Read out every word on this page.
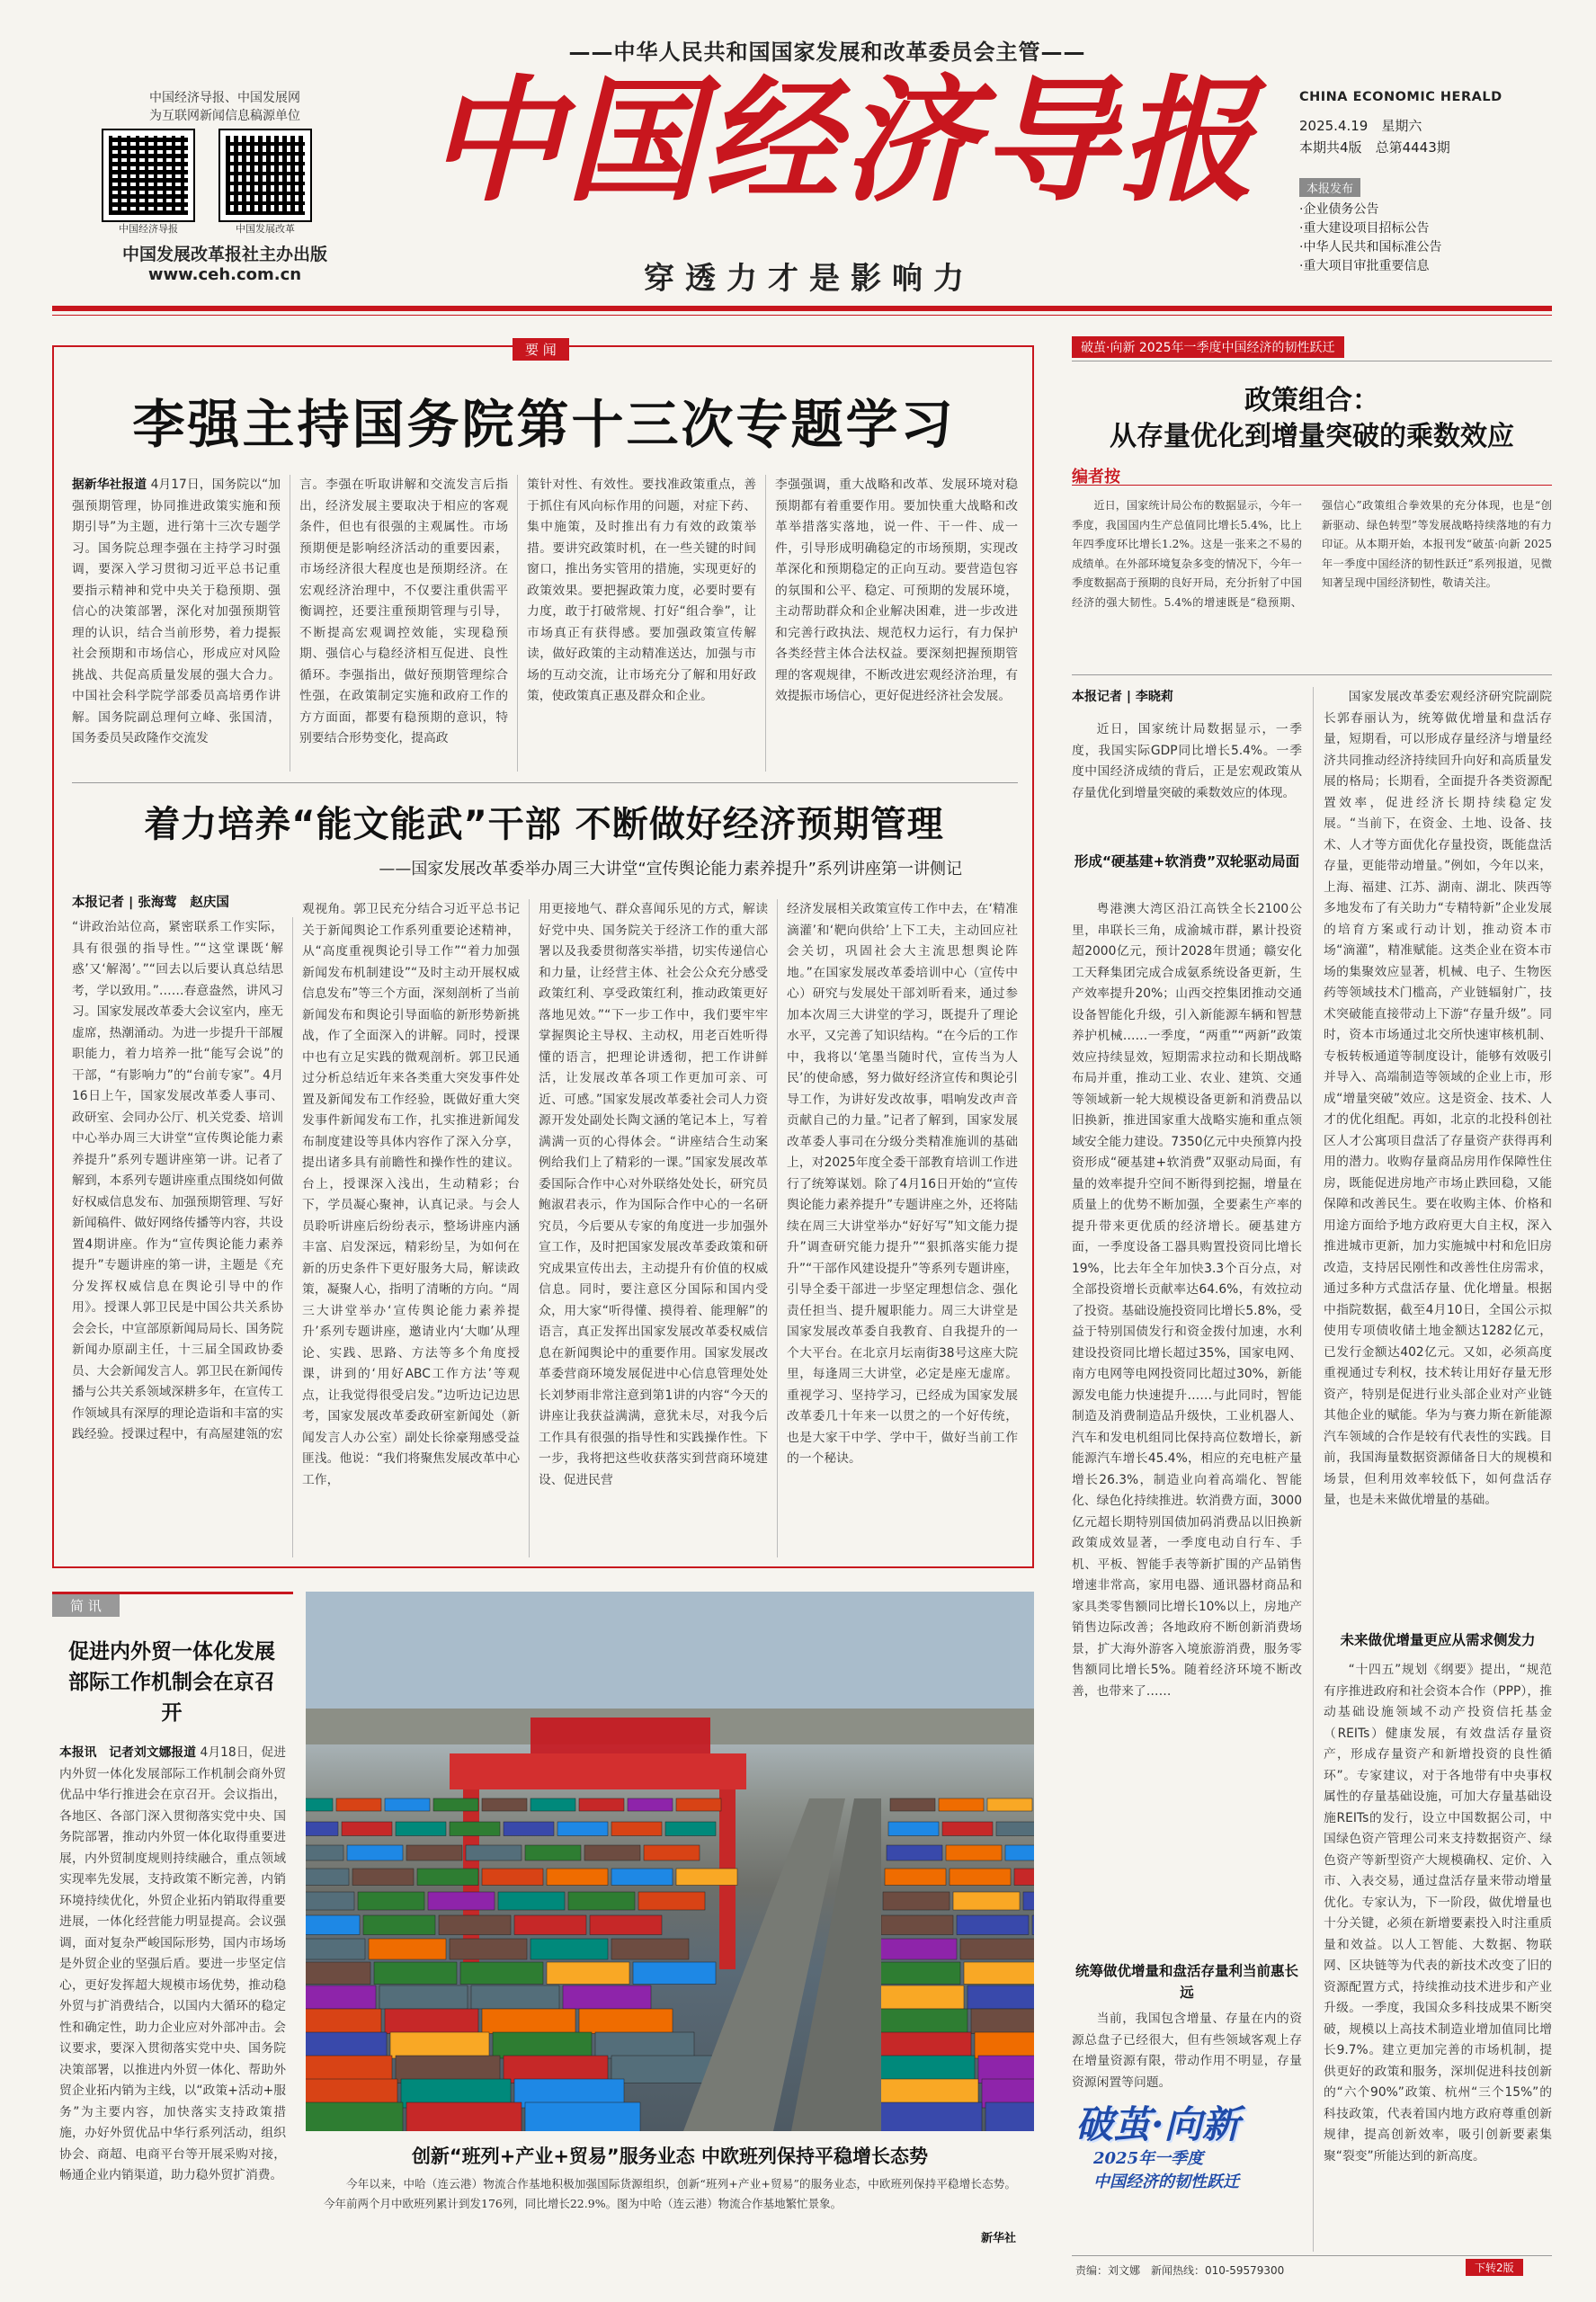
——中华人民共和国国家发展和改革委员会主管——
中国经济导报、中国发展网
为互联网新闻信息稿源单位
中国经济导报	中国发展改革
中国发展改革报社主办出版
www.ceh.com.cn
中国经济导报
穿透力才是影响力

CHINA ECONOMIC HERALD

2025.4.19　 星期六

本期共4版　 总第4443期

本报发布
·企业债务公告
·重大建设项目招标公告
·中华人民共和国标准公告
·重大项目审批重要信息
要 闻
李强主持国务院第十三次专题学习
据新华社报道 4月17日，国务院以“加强预期管理，协同推进政策实施和预期引导”为主题，进行第十三次专题学习。国务院总理李强在主持学习时强调，要深入学习贯彻习近平总书记重要指示精神和党中央关于稳预期、强信心的决策部署，深化对加强预期管理的认识，结合当前形势，着力提振社会预期和市场信心，形成应对风险挑战、共促高质量发展的强大合力。中国社会科学院学部委员高培勇作讲解。国务院副总理何立峰、张国清，国务委员吴政隆作交流发
言。李强在听取讲解和交流发言后指出，经济发展主要取决于相应的客观条件，但也有很强的主观属性。市场预期便是影响经济活动的重要因素，市场经济很大程度也是预期经济。在宏观经济治理中，不仅要注重供需平衡调控，还要注重预期管理与引导，不断提高宏观调控效能，实现稳预期、强信心与稳经济相互促进、良性循环。李强指出，做好预期管理综合性强，在政策制定实施和政府工作的方方面面，都要有稳预期的意识，特别要结合形势变化，提高政
策针对性、有效性。要找准政策重点，善于抓住有风向标作用的问题，对症下药、集中施策，及时推出有力有效的政策举措。要讲究政策时机，在一些关键的时间窗口，推出务实管用的措施，实现更好的政策效果。要把握政策力度，必要时要有力度，敢于打破常规、打好“组合拳”，让市场真正有获得感。要加强政策宣传解读，做好政策的主动精准送达，加强与市场的互动交流，让市场充分了解和用好政策，使政策真正惠及群众和企业。
李强强调，重大战略和改革、发展环境对稳预期都有着重要作用。要加快重大战略和改革举措落实落地，说一件、干一件、成一件，引导形成明确稳定的市场预期，实现改革深化和预期稳定的正向互动。要营造包容的氛围和公平、稳定、可预期的发展环境，主动帮助群众和企业解决困难，进一步改进和完善行政执法、规范权力运行，有力保护各类经营主体合法权益。要深刻把握预期管理的客观规律，不断改进宏观经济治理，有效提振市场信心，更好促进经济社会发展。
着力培养“能文能武”干部 不断做好经济预期管理
——国家发展改革委举办周三大讲堂“宣传舆论能力素养提升”系列讲座第一讲侧记
本报记者 | 张海莺　赵庆国
“讲政治站位高，紧密联系工作实际，具有很强的指导性。”“这堂课既‘解惑’又‘解渴’。”“回去以后要认真总结思考，学以致用。”……春意盎然，讲风习习。国家发展改革委大会议室内，座无虚席，热潮涌动。为进一步提升干部履职能力，着力培养一批“能写会说”的干部，“有影响力”的“台前专家”。4月16日上午，国家发展改革委人事司、政研室、会同办公厅、机关党委、培训中心举办周三大讲堂“宣传舆论能力素养提升”系列专题讲座第一讲。记者了解到，本系列专题讲座重点围绕如何做好权威信息发布、加强预期管理、写好新闻稿件、做好网络传播等内容，共设置4期讲座。作为“宣传舆论能力素养提升”专题讲座的第一讲，主题是《充分发挥权威信息在舆论引导中的作用》。授课人郭卫民是中国公共关系协会会长，中宣部原新闻局局长、国务院新闻办原副主任，十三届全国政协委员、大会新闻发言人。郭卫民在新闻传播与公共关系领域深耕多年，在宣传工作领域具有深厚的理论造诣和丰富的实践经验。授课过程中，有高屋建瓴的宏
观视角。郭卫民充分结合习近平总书记关于新闻舆论工作系列重要论述精神，从“高度重视舆论引导工作”“着力加强新闻发布机制建设”“及时主动开展权威信息发布”等三个方面，深刻剖析了当前新闻发布和舆论引导面临的新形势新挑战，作了全面深入的讲解。同时，授课中也有立足实践的微观剖析。郭卫民通过分析总结近年来各类重大突发事件处置及新闻发布工作经验，既做好重大突发事件新闻发布工作，扎实推进新闻发布制度建设等具体内容作了深入分享，提出诸多具有前瞻性和操作性的建议。台上，授课深入浅出，生动精彩；台下，学员凝心聚神，认真记录。与会人员聆听讲座后纷纷表示，整场讲座内涵丰富、启发深远，精彩纷呈，为如何在新的历史条件下更好服务大局，解读政策，凝聚人心，指明了清晰的方向。“周三大讲堂举办‘宣传舆论能力素养提升’系列专题讲座，邀请业内‘大咖’从理论、实践、思路、方法等多个角度授课，讲到的‘用好ABC工作方法’等观点，让我觉得很受启发。”边听边记边思考，国家发展改革委政研室新闻处（新闻发言人办公室）副处长徐豪翔感受益匪浅。他说：“我们将聚焦发展改革中心工作，
用更接地气、群众喜闻乐见的方式，解读好党中央、国务院关于经济工作的重大部署以及我委贯彻落实举措，切实传递信心和力量，让经营主体、社会公众充分感受政策红利、享受政策红利，推动政策更好落地见效。”“下一步工作中，我们要牢牢掌握舆论主导权、主动权，用老百姓听得懂的语言，把理论讲透彻，把工作讲鲜活，让发展改革各项工作更加可亲、可近、可感。”国家发展改革委社会司人力资源开发处副处长陶文涵的笔记本上，写着满满一页的心得体会。“讲座结合生动案例给我们上了精彩的一课。”国家发展改革委国际合作中心对外联络处处长，研究员鲍淑君表示，作为国际合作中心的一名研究员，今后要从专家的角度进一步加强外宣工作，及时把国家发展改革委政策和研究成果宣传出去，主动提升有价值的权威信息。同时，要注意区分国际和国内受众，用大家“听得懂、摸得着、能理解”的语言，真正发挥出国家发展改革委权威信息在新闻舆论中的重要作用。国家发展改革委营商环境发展促进中心信息管理处处长刘梦雨非常注意到第1讲的内容“今天的讲座让我获益满满，意犹未尽，对我今后工作具有很强的指导性和实践操作性。下一步，我将把这些收获落实到营商环境建设、促进民营
经济发展相关政策宣传工作中去，在‘精准滴灌’和‘靶向供给’上下工夫，主动回应社会关切，巩固社会大主流思想舆论阵地。”在国家发展改革委培训中心（宣传中心）研究与发展处干部刘昕看来，通过参加本次周三大讲堂的学习，既提升了理论水平，又完善了知识结构。“在今后的工作中，我将以‘笔墨当随时代，宣传当为人民’的使命感，努力做好经济宣传和舆论引导工作，为讲好发改故事，唱响发改声音贡献自己的力量。”记者了解到，国家发展改革委人事司在分级分类精准施训的基础上，对2025年度全委干部教育培训工作进行了统筹谋划。除了4月16日开始的“宣传舆论能力素养提升”专题讲座之外，还将陆续在周三大讲堂举办“好好写”知文能力提升”调查研究能力提升”“狠抓落实能力提升”“干部作风建设提升”等系列专题讲座，引导全委干部进一步坚定理想信念、强化责任担当、提升履职能力。周三大讲堂是国家发展改革委自我教育、自我提升的一个大平台。在北京月坛南街38号这座大院里，每逢周三大讲堂，必定是座无虚席。重视学习、坚持学习，已经成为国家发展改革委几十年来一以贯之的一个好传统，也是大家干中学、学中干，做好当前工作的一个秘诀。
简 讯
促进内外贸一体化发展部际工作机制会在京召开
本报讯　记者刘文娜报道 4月18日，促进内外贸一体化发展部际工作机制会商外贸优品中华行推进会在京召开。会议指出，各地区、各部门深入贯彻落实党中央、国务院部署，推动内外贸一体化取得重要进展，内外贸制度规则持续融合，重点领域实现率先发展，支持政策不断完善，内销环境持续优化，外贸企业拓内销取得重要进展，一体化经营能力明显提高。会议强调，面对复杂严峻国际形势，国内市场场是外贸企业的坚强后盾。要进一步坚定信心，更好发挥超大规模市场优势，推动稳外贸与扩消费结合，以国内大循环的稳定性和确定性，助力企业应对外部冲击。会议要求，要深入贯彻落实党中央、国务院决策部署，以推进内外贸一体化、帮助外贸企业拓内销为主线，以“政策+活动+服务”为主要内容，加快落实支持政策措施，办好外贸优品中华行系列活动，组织协会、商超、电商平台等开展采购对接，畅通企业内销渠道，助力稳外贸扩消费。
创新“班列+产业+贸易”服务业态 中欧班列保持平稳增长态势
今年以来，中哈（连云港）物流合作基地积极加强国际货源组织，创新“班列+产业+贸易”的服务业态，中欧班列保持平稳增长态势。今年前两个月中欧班列累计到发176列，同比增长22.9%。图为中哈（连云港）物流合作基地繁忙景象。
新华社
破茧·向新 2025年一季度中国经济的韧性跃迁
政策组合：
从存量优化到增量突破的乘数效应
编者按
近日，国家统计局公布的数据显示，今年一季度，我国国内生产总值同比增长5.4%，比上年四季度环比增长1.2%。这是一张来之不易的成绩单。在外部环境复杂多变的情况下，今年一季度数据高于预期的良好开局，充分折射了中国经济的强大韧性。5.4%的增速既是“稳预期、强信心”政策组合拳效果的充分体现，也是“创新驱动、绿色转型”等发展战略持续落地的有力印证。从本期开始，本报刊发“破茧·向新 2025年一季度中国经济的韧性跃迁”系列报道，见微知著呈现中国经济韧性，敬请关注。
本报记者 | 李晓莉
近日，国家统计局数据显示，一季度，我国实际GDP同比增长5.4%。一季度中国经济成绩的背后，正是宏观政策从存量优化到增量突破的乘数效应的体现。
形成“硬基建+软消费”双轮驱动局面
粤港澳大湾区沿江高铁全长2100公里，串联长三角，成渝城市群，累计投资超2000亿元，预计2028年贯通；赣安化工天释集团完成合成氨系统设备更新，生产效率提升20%；山西交控集团推动交通设备智能化升级，引入新能源车辆和智慧养护机械……一季度，“两重”“两新”政策效应持续显效，短期需求拉动和长期战略布局并重，推动工业、农业、建筑、交通等领域新一轮大规模设备更新和消费品以旧换新，推进国家重大战略实施和重点领域安全能力建设。7350亿元中央预算内投资形成“硬基建+软消费”双驱动局面，有量的效率提升空间不断得到挖掘，增量在质量上的优势不断加强，全要素生产率的提升带来更优质的经济增长。硬基建方面，一季度设备工器具购置投资同比增长19%，比去年全年加快3.3个百分点，对全部投资增长贡献率达64.6%，有效拉动了投资。基础设施投资同比增长5.8%，受益于特别国债发行和资金拨付加速，水利建设投资同比增长超过35%，国家电网、南方电网等电网投资同比超过30%，新能源发电能力快速提升……与此同时，智能制造及消费制造品升级快，工业机器人、汽车和发电机组同比保持高位数增长，新能源汽车增长45.4%，相应的充电桩产量增长26.3%，制造业向着高端化、智能化、绿色化持续推进。软消费方面，3000亿元超长期特别国债加码消费品以旧换新政策成效显著，一季度电动自行车、手机、平板、智能手表等新扩围的产品销售增速非常高，家用电器、通讯器材商品和家具类零售额同比增长10%以上，房地产销售边际改善；各地政府不断创新消费场景，扩大海外游客入境旅游消费，服务零售额同比增长5%。随着经济环境不断改善，也带来了……
统筹做优增量和盘活存量利当前惠长远
当前，我国包含增量、存量在内的资源总盘子已经很大，但有些领域客观上存在增量资源有限，带动作用不明显，存量资源闲置等问题。
国家发展改革委宏观经济研究院副院长郭春丽认为，统筹做优增量和盘活存量，短期看，可以形成存量经济与增量经济共同推动经济持续回升向好和高质量发展的格局；长期看，全面提升各类资源配置效率，促进经济长期持续稳定发展。“当前下，在资金、土地、设备、技术、人才等方面优化存量投资，既能盘活存量，更能带动增量。”例如，今年以来，上海、福建、江苏、湖南、湖北、陕西等多地发布了有关助力“专精特新”企业发展的培育方案或行动计划，推动资本市场“滴灌”，精准赋能。这类企业在资本市场的集聚效应显著，机械、电子、生物医药等领域技术门槛高，产业链辐射广，技术突破能直接带动上下游“存量升级”。同时，资本市场通过北交所快速审核机制、专板转板通道等制度设计，能够有效吸引并导入、高端制造等领域的企业上市，形成“增量突破”效应。这是资金、技术、人才的优化组配。再如，北京的北投科创社区人才公寓项目盘活了存量资产获得再利用的潜力。收购存量商品房用作保障性住房，既能促进房地产市场止跌回稳，又能保障和改善民生。要在收购主体、价格和用途方面给予地方政府更大自主权，深入推进城市更新，加力实施城中村和危旧房改造，支持居民刚性和改善性住房需求，通过多种方式盘活存量、优化增量。根据中指院数据，截至4月10日，全国公示拟使用专项债收储土地金额达1282亿元，已发行金额达402亿元。又如，必须高度重视通过专利权，技术转让用好存量无形资产，特别是促进行业头部企业对产业链其他企业的赋能。华为与赛力斯在新能源汽车领域的合作是较有代表性的实践。目前，我国海量数据资源储备日大的规模和场景，但利用效率较低下，如何盘活存量，也是未来做优增量的基础。
未来做优增量更应从需求侧发力
“十四五”规划《纲要》提出，“规范有序推进政府和社会资本合作（PPP），推动基础设施领域不动产投资信托基金（REITs）健康发展，有效盘活存量资产，形成存量资产和新增投资的良性循环”。专家建议，对于各地带有中央事权属性的存量基础设施，可加大存量基础设施REITs的发行，设立中国数据公司，中国绿色资产管理公司来支持数据资产、绿色资产等新型资产大规模确权、定价、入市、入表交易，通过盘活存量来带动增量优化。专家认为，下一阶段，做优增量也十分关键，必须在新增要素投入时注重质量和效益。以人工智能、大数据、物联网、区块链等为代表的新技术改变了旧的资源配置方式，持续推动技术进步和产业升级。一季度，我国众多科技成果不断突破，规模以上高技术制造业增加值同比增长9.7%。建立更加完善的市场机制，提供更好的政策和服务，深圳促进科技创新的“六个90%”政策、杭州“三个15%”的科技政策，代表着国内地方政府尊重创新规律，提高创新效率，吸引创新要素集聚“裂变”所能达到的新高度。
破茧·向新
2025年一季度
中国经济的韧性跃迁
责编：刘文娜　新闻热线：010-59579300	下转2版
